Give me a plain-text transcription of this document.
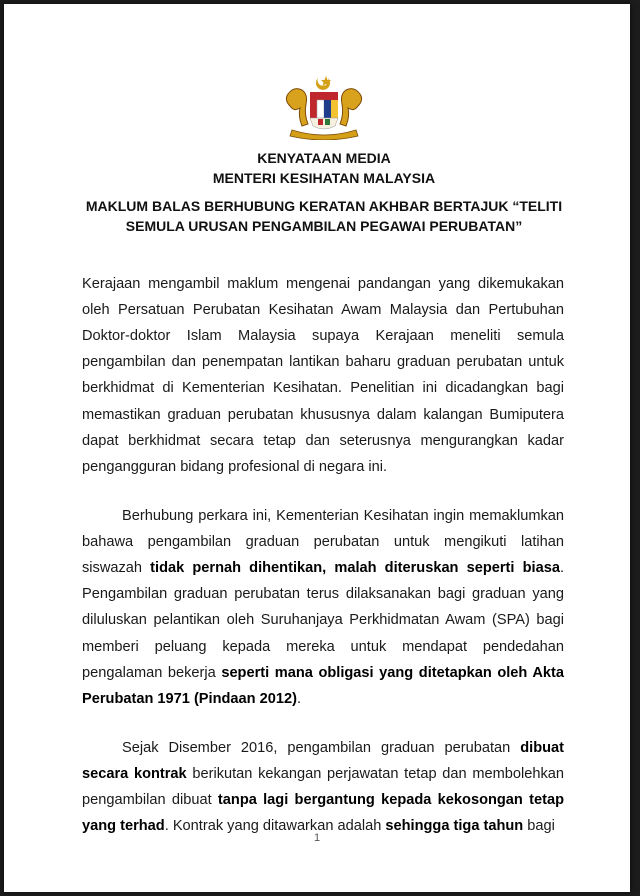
KENYATAAN MEDIA
MENTERI KESIHATAN MALAYSIA
MAKLUM BALAS BERHUBUNG KERATAN AKHBAR BERTAJUK “TELITI
SEMULA URUSAN PENGAMBILAN PEGAWAI PERUBATAN”

Kerajaan mengambil maklum mengenai pandangan yang dikemukakan oleh Persatuan Perubatan Kesihatan Awam Malaysia dan Pertubuhan Doktor-doktor Islam Malaysia supaya Kerajaan meneliti semula pengambilan dan penempatan lantikan baharu graduan perubatan untuk berkhidmat di Kementerian Kesihatan. Penelitian ini dicadangkan bagi memastikan graduan perubatan khususnya dalam kalangan Bumiputera dapat berkhidmat secara tetap dan seterusnya mengurangkan kadar pengangguran bidang profesional di negara ini.

Berhubung perkara ini, Kementerian Kesihatan ingin memaklumkan bahawa pengambilan graduan perubatan untuk mengikuti latihan siswazah tidak pernah dihentikan, malah diteruskan seperti biasa. Pengambilan graduan perubatan terus dilaksanakan bagi graduan yang diluluskan pelantikan oleh Suruhanjaya Perkhidmatan Awam (SPA) bagi memberi peluang kepada mereka untuk mendapat pendedahan pengalaman bekerja seperti mana obligasi yang ditetapkan oleh Akta Perubatan 1971 (Pindaan 2012).

Sejak Disember 2016, pengambilan graduan perubatan dibuat secara kontrak berikutan kekangan perjawatan tetap dan membolehkan pengambilan dibuat tanpa lagi bergantung kepada kekosongan tetap yang terhad. Kontrak yang ditawarkan adalah sehingga tiga tahun bagi

1
